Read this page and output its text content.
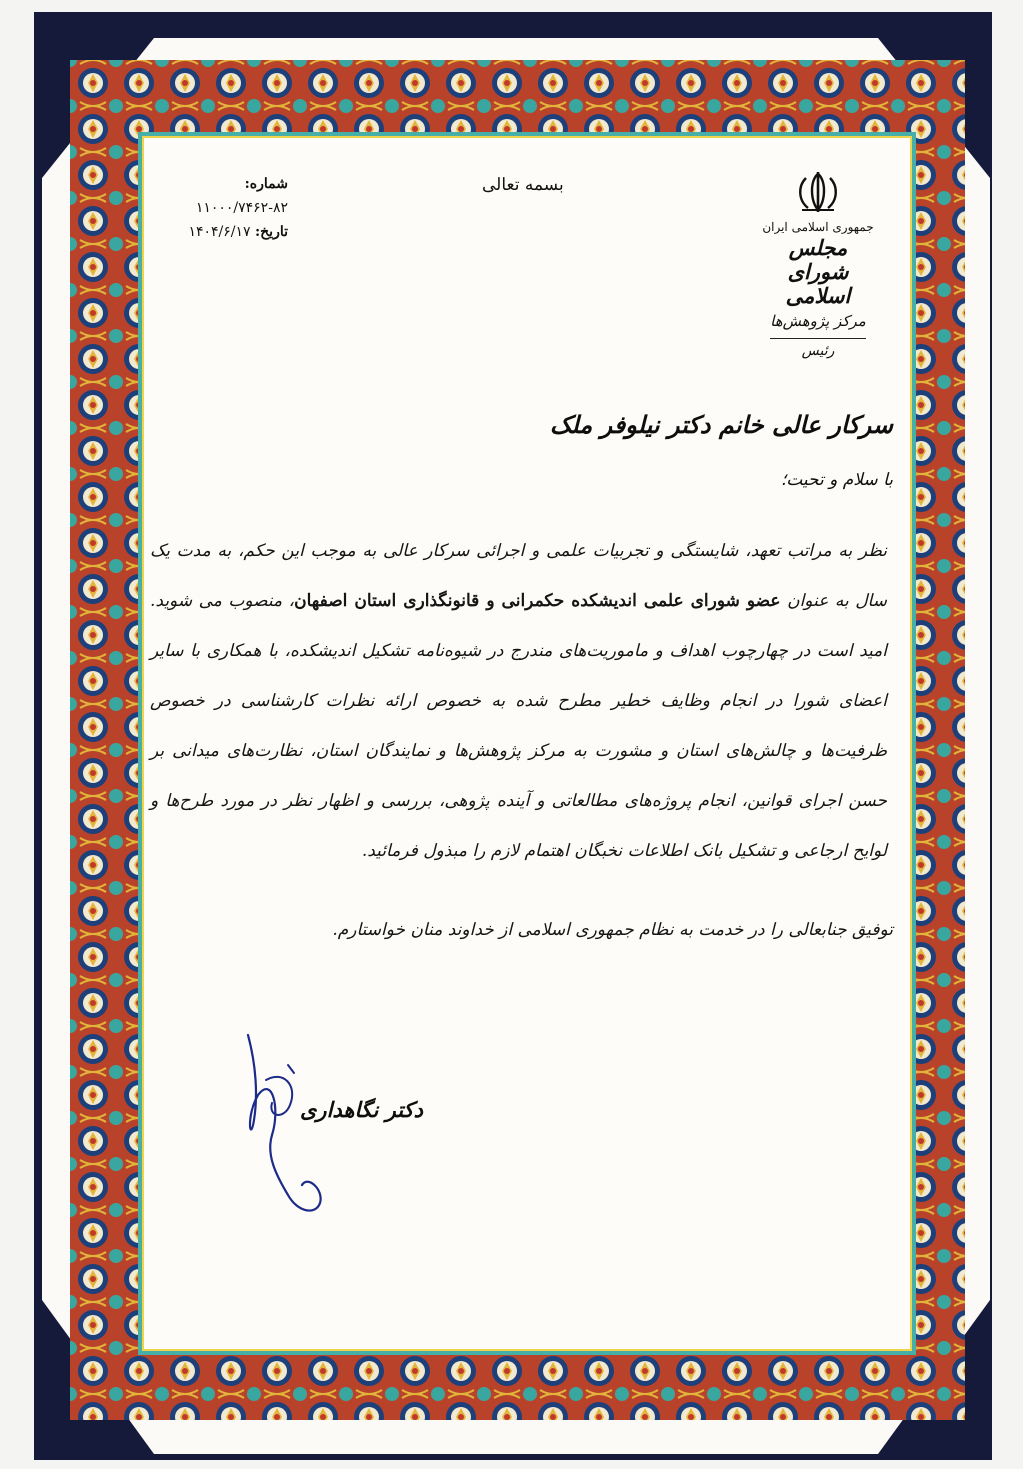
بسمه تعالی
شماره: ۸۲-۱۱۰۰۰/۷۴۶۲
تاریخ: ۱۴۰۴/۶/۱۷	جمهوری اسلامی ایران
مجلس شورای اسلامی
مرکز پژوهش‌ها
رئیس
سرکار عالی خانم دکتر نیلوفر ملک
با سلام و تحیت؛
نظر به مراتب تعهد، شایستگی و تجربیات علمی و اجرائی سرکار عالی به موجب این حکم، به مدت یک سال به عنوان عضو شورای علمی اندیشکده حکمرانی و قانونگذاری استان اصفهان، منصوب می شوید. امید است در چهارچوب اهداف و ماموریت‌های مندرج در شیوه‌نامه تشکیل اندیشکده، با همکاری با سایر اعضای شورا در انجام وظایف خطیر مطرح شده به خصوص ارائه نظرات کارشناسی در خصوص ظرفیت‌ها و چالش‌های استان و مشورت به مرکز پژوهش‌ها و نمایندگان استان، نظارت‌های میدانی بر حسن اجرای قوانین، انجام پروژه‌های مطالعاتی و آینده پژوهی، بررسی و اظهار نظر در مورد طرح‌ها و لوایح ارجاعی و تشکیل بانک اطلاعات نخبگان اهتمام لازم را مبذول فرمائید.
توفیق جنابعالی را در خدمت به نظام جمهوری اسلامی از خداوند منان خواستارم.
دکتر نگاهداری
